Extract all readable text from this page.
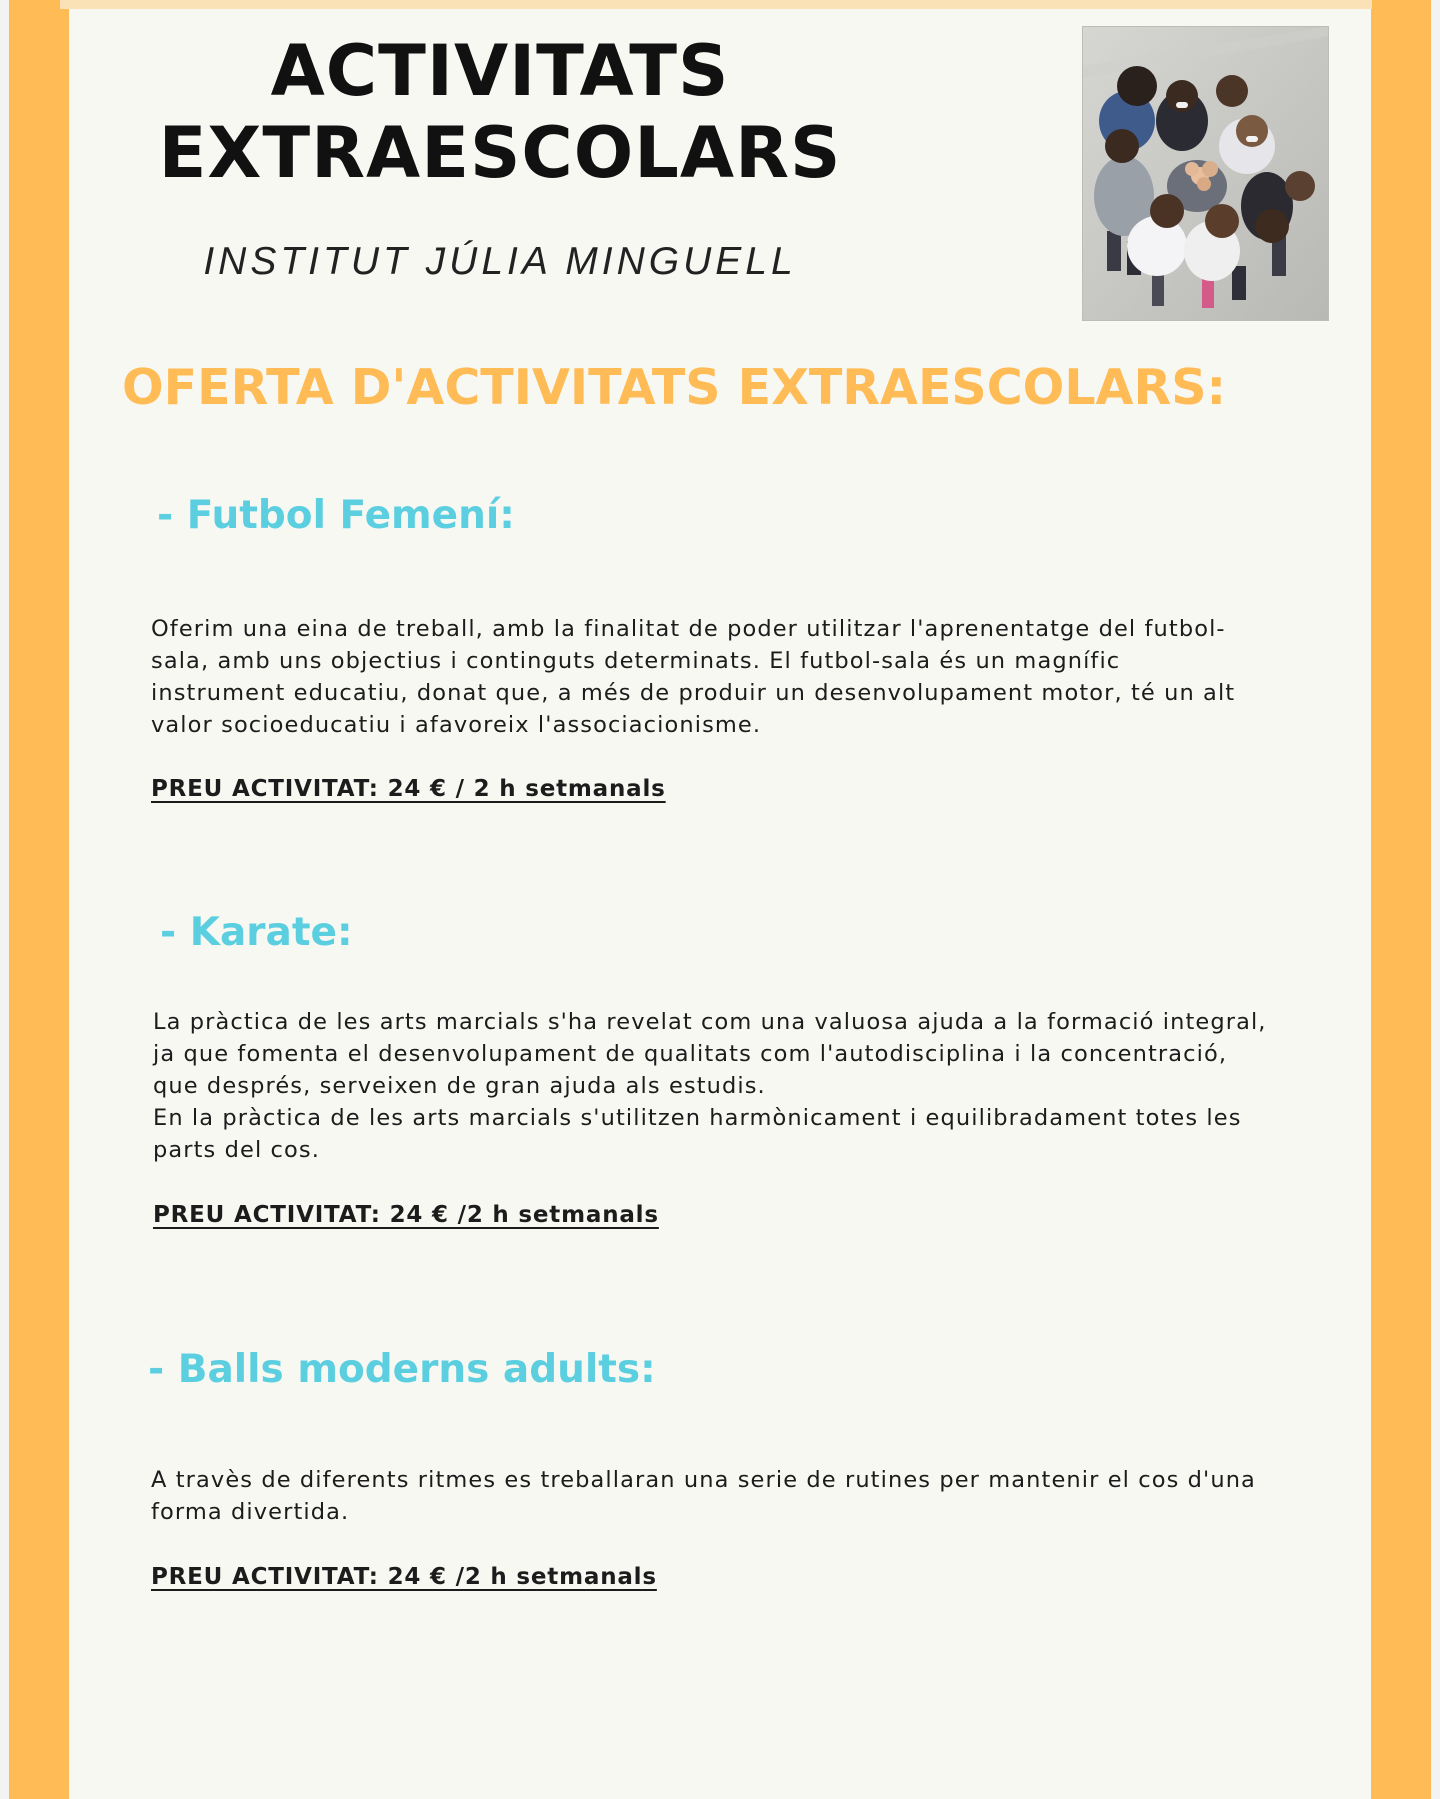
ACTIVITATS
EXTRAESCOLARS

INSTITUT JÚLIA MINGUELL

OFERTA D'ACTIVITATS EXTRAESCOLARS:
- Futbol Femení:

Oferim una eina de treball, amb la finalitat de poder utilitzar l'aprenentatge del futbol-
sala, amb uns objectius i continguts determinats. El futbol-sala és un magnífic
instrument educatiu, donat que, a més de produir un desenvolupament motor, té un alt
valor socioeducatiu i afavoreix l'associacionisme.

PREU ACTIVITAT: 24 € / 2 h setmanals

- Karate:

La pràctica de les arts marcials s'ha revelat com una valuosa ajuda a la formació integral,
ja que fomenta el desenvolupament de qualitats com l'autodisciplina i la concentració,
que després, serveixen de gran ajuda als estudis.
En la pràctica de les arts marcials s'utilitzen harmònicament i equilibradament totes les
parts del cos.

PREU ACTIVITAT: 24 € /2 h setmanals

- Balls moderns adults:

A travès de diferents ritmes es treballaran una serie de rutines per mantenir el cos d'una
forma divertida.

PREU ACTIVITAT: 24 € /2 h setmanals
